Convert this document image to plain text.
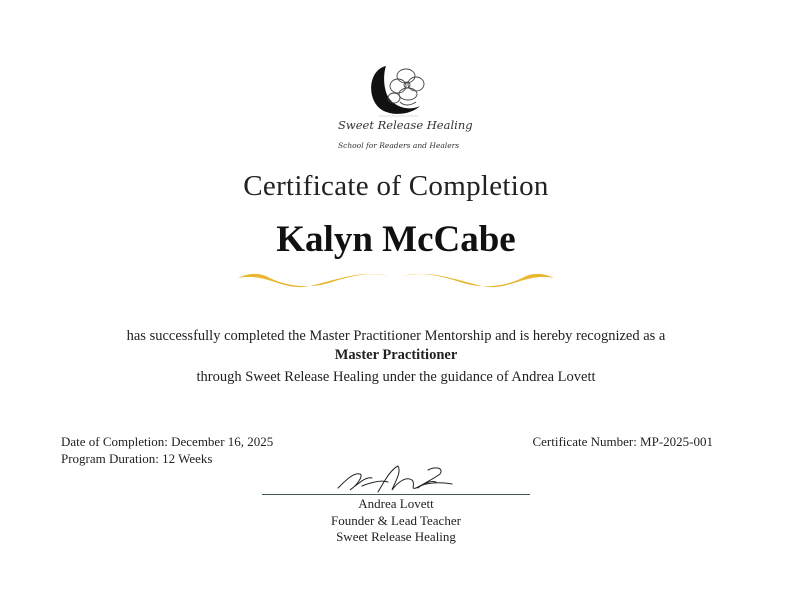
Sweet Release Healing
School for Readers and Healers
Certificate of Completion
Kalyn McCabe
has successfully completed the Master Practitioner Mentorship and is hereby recognized as a
Master Practitioner
through Sweet Release Healing under the guidance of Andrea Lovett
Date of Completion: December 16, 2025
Program Duration: 12 Weeks
Certificate Number: MP-2025-001
Andrea Lovett
Founder & Lead Teacher
Sweet Release Healing
